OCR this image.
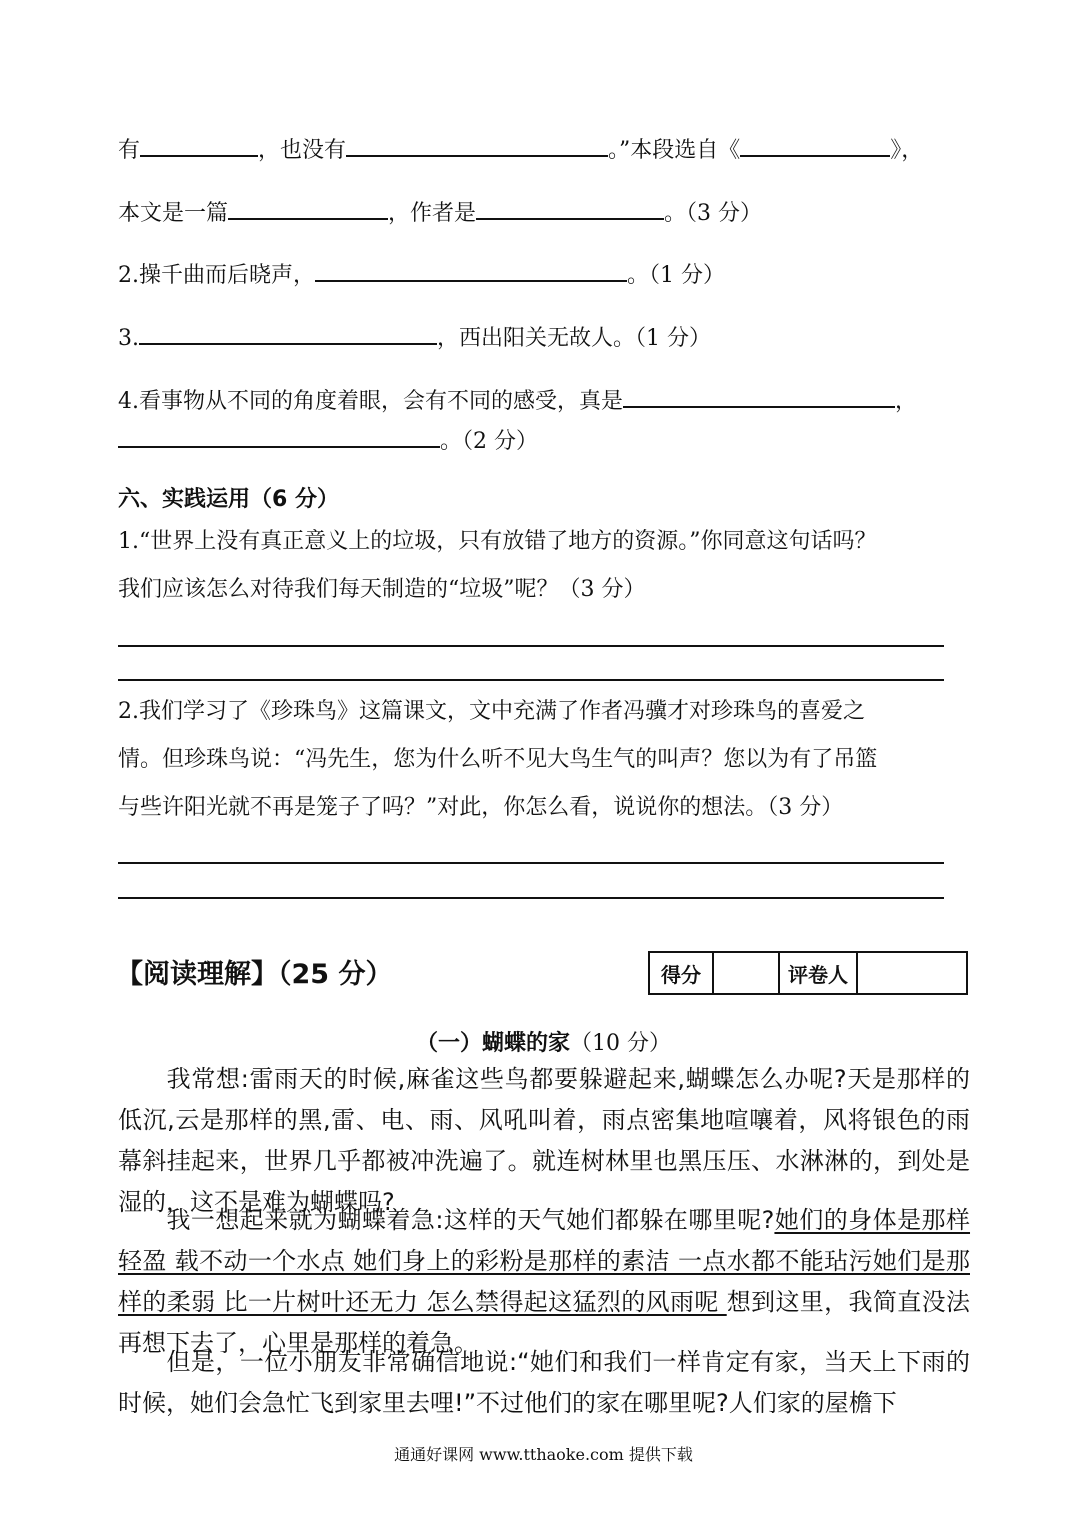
有	，也没有	。”本段选自《	》，
本文是一篇	，作者是	。（3 分）
2.操千曲而后晓声，	。（1 分）
3.	，西出阳关无故人。（1 分）
4.看事物从不同的角度着眼，会有不同的感受，真是	，
。（2 分）
六、实践运用（6 分）
1.“世界上没有真正意义上的垃圾，只有放错了地方的资源。”你同意这句话吗？
我们应该怎么对待我们每天制造的“垃圾”呢？（3 分）
2.我们学习了《珍珠鸟》这篇课文，文中充满了作者冯骥才对珍珠鸟的喜爱之
情。但珍珠鸟说：“冯先生，您为什么听不见大鸟生气的叫声？您以为有了吊篮
与些许阳光就不再是笼子了吗？”对此，你怎么看，说说你的想法。（3 分）
【阅读理解】（25 分）	得分		评卷人	
（一）蝴蝶的家（10 分）
我常想:雷雨天的时候,麻雀这些鸟都要躲避起来,蝴蝶怎么办呢?天是那样的低沉,云是那样的黑,雷、电、雨、风吼叫着，雨点密集地喧嚷着，风将银色的雨幕斜挂起来，世界几乎都被冲洗遍了。就连树林里也黑压压、水淋淋的，到处是湿的，这不是难为蝴蝶吗?
我一想起来就为蝴蝶着急:这样的天气她们都躲在哪里呢?她们的身体是那样轻盈 载不动一个水点 她们身上的彩粉是那样的素洁 一点水都不能玷污她们是那样的柔弱 比一片树叶还无力 怎么禁得起这猛烈的风雨呢 想到这里，我简直没法再想下去了，心里是那样的着急。
但是，一位小朋友非常确信地说:“她们和我们一样肯定有家，当天上下雨的时候，她们会急忙飞到家里去哩!”不过他们的家在哪里呢?人们家的屋檐下
通通好课网 www.tthaoke.com 提供下载
